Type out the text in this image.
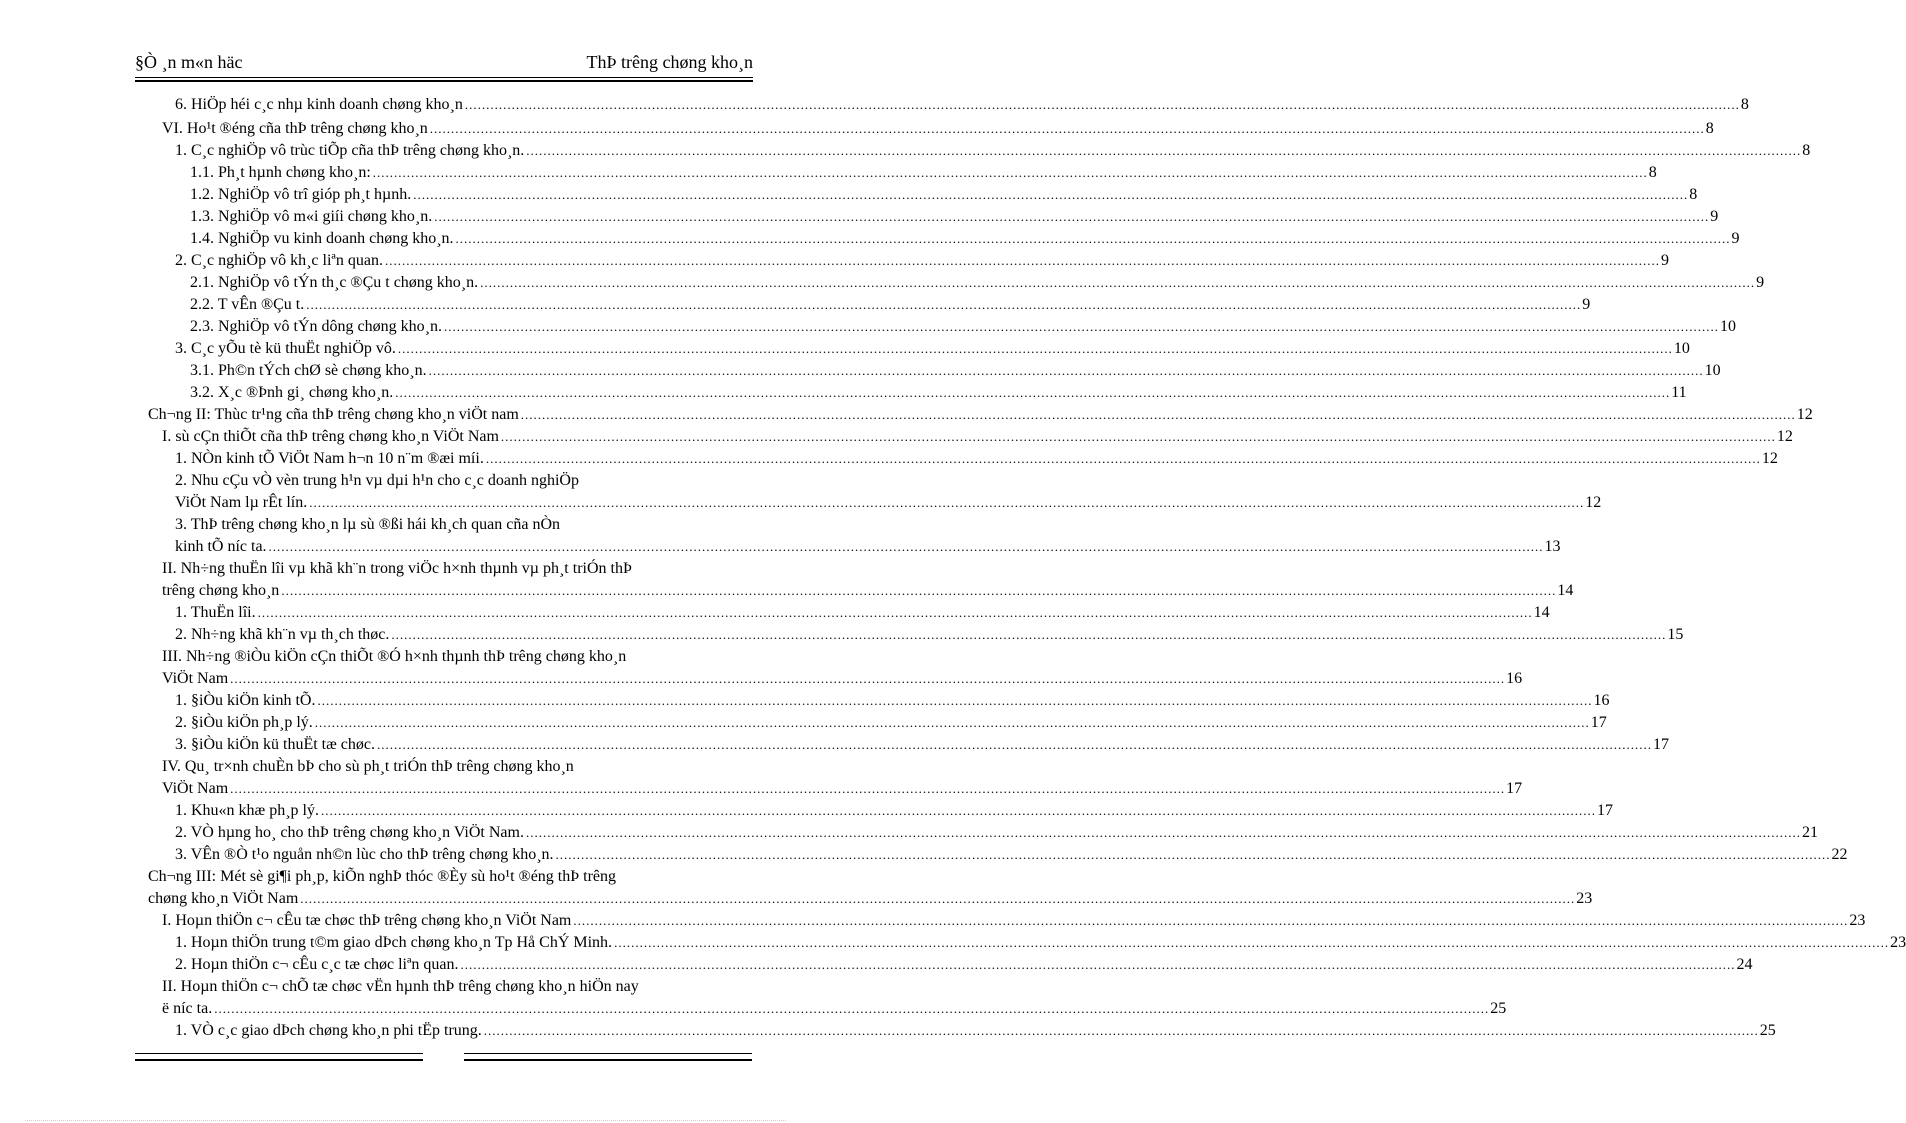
§Ò ¸n m«n häc	ThÞ trêng chøng kho¸n
6. HiÖp héi c¸c nhµ kinh doanh chøng kho¸n ............................................................................................................................................................................................................................................................................................................ 8
VI. Ho¹t ®éng cña thÞ trêng chøng kho¸n ............................................................................................................................................................................................................................................................................................................ 8
1. C¸c nghiÖp vô trùc tiÕp cña thÞ trêng chøng kho¸n. ............................................................................................................................................................................................................................................................................................................ 8
1.1. Ph¸t hµnh chøng kho¸n: ............................................................................................................................................................................................................................................................................................................ 8
1.2. NghiÖp vô trî gióp ph¸t hµnh. ............................................................................................................................................................................................................................................................................................................ 8
1.3. NghiÖp vô m«i giíi chøng kho¸n. ............................................................................................................................................................................................................................................................................................................ 9
1.4. NghiÖp vu kinh doanh chøng kho¸n. ............................................................................................................................................................................................................................................................................................................ 9
2. C¸c nghiÖp vô kh¸c liªn quan. ............................................................................................................................................................................................................................................................................................................ 9
2.1. NghiÖp vô tÝn th¸c ®Çu t chøng kho¸n. ............................................................................................................................................................................................................................................................................................................ 9
2.2. T vÊn ®Çu t. ............................................................................................................................................................................................................................................................................................................ 9
2.3. NghiÖp vô tÝn dông chøng kho¸n. ............................................................................................................................................................................................................................................................................................................ 10
3. C¸c yÕu tè kü thuËt nghiÖp vô. ............................................................................................................................................................................................................................................................................................................ 10
3.1. Ph©n tÝch chØ sè chøng kho¸n. ............................................................................................................................................................................................................................................................................................................ 10
3.2. X¸c ®Þnh gi¸ chøng kho¸n. ............................................................................................................................................................................................................................................................................................................ 11
Ch¬ng II: Thùc tr¹ng cña thÞ trêng chøng kho¸n viÖt nam ............................................................................................................................................................................................................................................................................................................ 12
I. sù cÇn thiÕt cña thÞ trêng chøng kho¸n ViÖt Nam ............................................................................................................................................................................................................................................................................................................ 12
1. NÒn kinh tÕ ViÖt Nam h¬n 10 n¨m ®æi míi. ............................................................................................................................................................................................................................................................................................................ 12
2. Nhu cÇu vÒ vèn trung h¹n vµ dµi h¹n cho c¸c doanh nghiÖp
ViÖt Nam lµ rÊt lín. ............................................................................................................................................................................................................................................................................................................ 12
3. ThÞ trêng chøng kho¸n lµ sù ®ßi hái kh¸ch quan cña nÒn
kinh tÕ níc ta. ............................................................................................................................................................................................................................................................................................................ 13
II. Nh÷ng thuËn lîi vµ khã kh¨n trong viÖc h×nh thµnh vµ ph¸t triÓn thÞ
trêng chøng kho¸n ............................................................................................................................................................................................................................................................................................................ 14
1. ThuËn lîi. ............................................................................................................................................................................................................................................................................................................ 14
2. Nh÷ng khã kh¨n vµ th¸ch thøc. ............................................................................................................................................................................................................................................................................................................ 15
III. Nh÷ng ®iÒu kiÖn cÇn thiÕt ®Ó h×nh thµnh thÞ trêng chøng kho¸n
ViÖt Nam ............................................................................................................................................................................................................................................................................................................ 16
1. §iÒu kiÖn kinh tÕ. ............................................................................................................................................................................................................................................................................................................ 16
2. §iÒu kiÖn ph¸p lý. ............................................................................................................................................................................................................................................................................................................ 17
3. §iÒu kiÖn kü thuËt tæ chøc. ............................................................................................................................................................................................................................................................................................................ 17
IV. Qu¸ tr×nh chuÈn bÞ cho sù ph¸t triÓn thÞ trêng chøng kho¸n
ViÖt Nam ............................................................................................................................................................................................................................................................................................................ 17
1. Khu«n khæ ph¸p lý. ............................................................................................................................................................................................................................................................................................................ 17
2. VÒ hµng ho¸ cho thÞ trêng chøng kho¸n ViÖt Nam. ............................................................................................................................................................................................................................................................................................................ 21
3. VÊn ®Ò t¹o nguån nh©n lùc cho thÞ trêng chøng kho¸n. ............................................................................................................................................................................................................................................................................................................ 22
Ch¬ng III: Mét sè gi¶i ph¸p, kiÕn nghÞ thóc ®Èy sù ho¹t ®éng thÞ trêng
chøng kho¸n ViÖt Nam ............................................................................................................................................................................................................................................................................................................ 23
I. Hoµn thiÖn c¬ cÊu tæ chøc thÞ trêng chøng kho¸n ViÖt Nam ............................................................................................................................................................................................................................................................................................................ 23
1. Hoµn thiÖn trung t©m giao dÞch chøng kho¸n Tp Hå ChÝ Minh. ............................................................................................................................................................................................................................................................................................................ 23
2. Hoµn thiÖn c¬ cÊu c¸c tæ chøc liªn quan. ............................................................................................................................................................................................................................................................................................................ 24
II. Hoµn thiÖn c¬ chÕ tæ chøc vËn hµnh thÞ trêng chøng kho¸n hiÖn nay
ë níc ta. ............................................................................................................................................................................................................................................................................................................ 25
1. VÒ c¸c giao dÞch chøng kho¸n phi tËp trung. ............................................................................................................................................................................................................................................................................................................ 25
